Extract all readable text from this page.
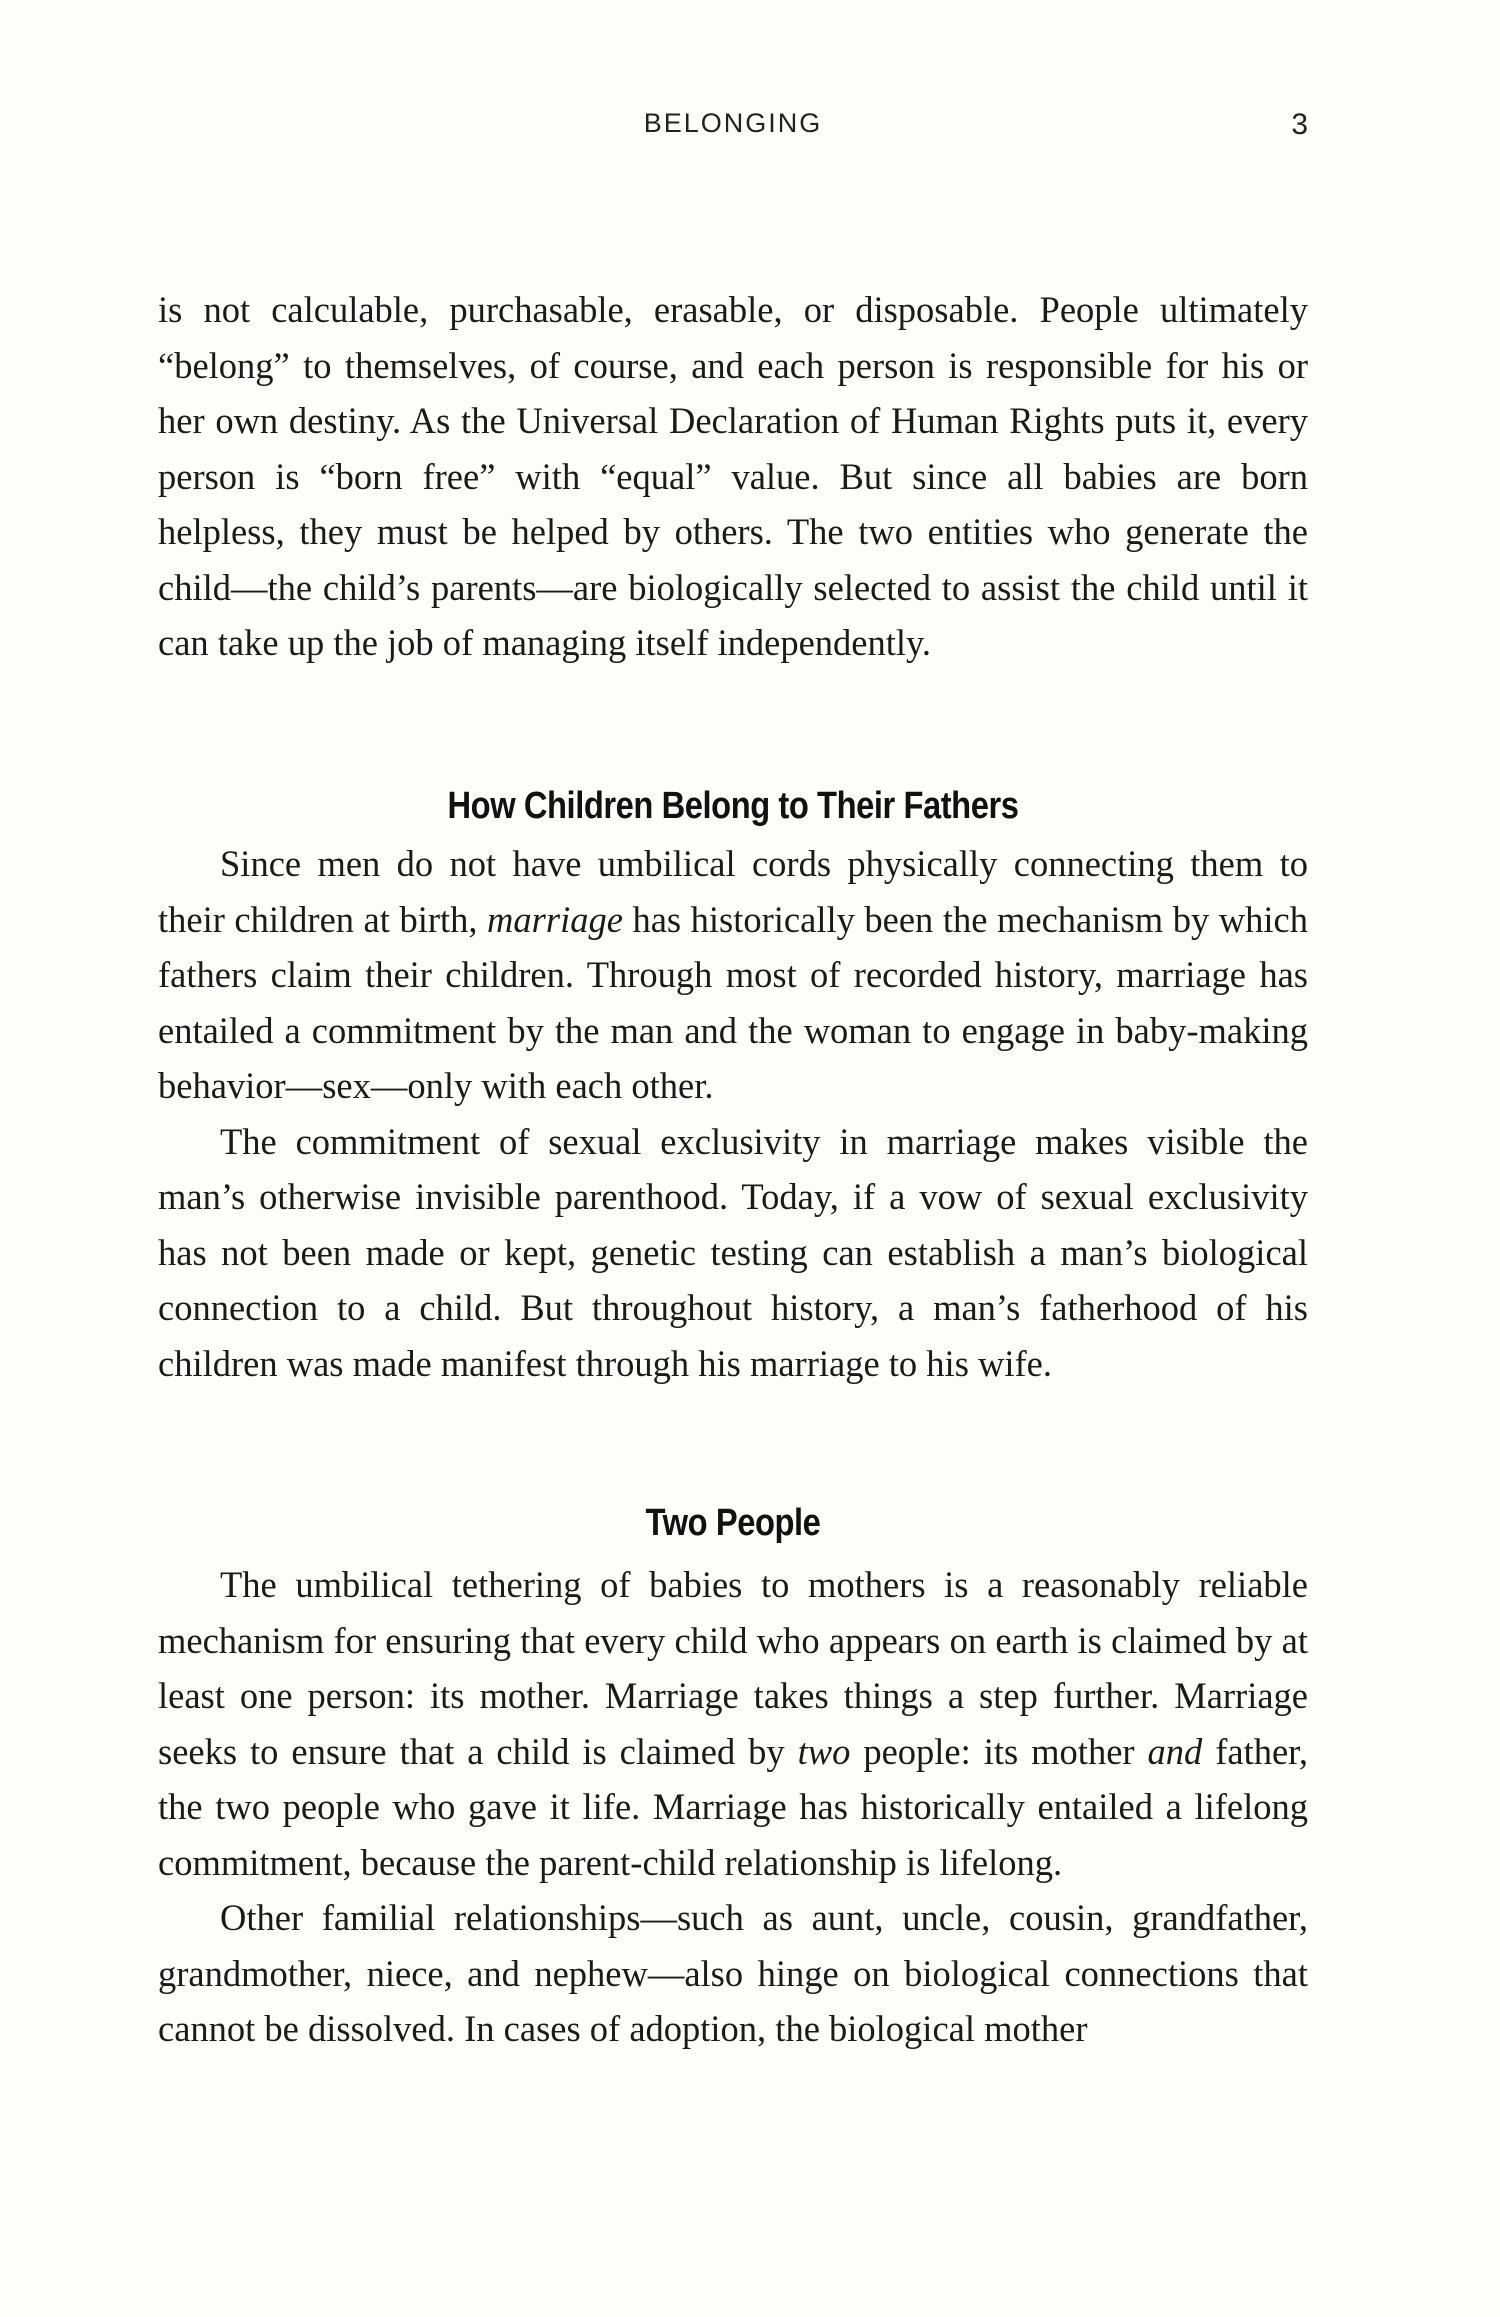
BELONGING	3

is not calculable, purchasable, erasable, or disposable. People ultimately “belong” to themselves, of course, and each person is responsible for his or her own destiny. As the Universal Declaration of Human Rights puts it, every person is “born free” with “equal” value. But since all babies are born helpless, they must be helped by others. The two entities who generate the child—the child’s parents—are biologically selected to assist the child until it can take up the job of managing itself independently.

How Children Belong to Their Fathers

Since men do not have umbilical cords physically connecting them to their children at birth, marriage has historically been the mechanism by which fathers claim their children. Through most of recorded history, marriage has entailed a commitment by the man and the woman to engage in baby-making behavior—sex—only with each other.

The commitment of sexual exclusivity in marriage makes visible the man’s otherwise invisible parenthood. Today, if a vow of sexual exclusivity has not been made or kept, genetic testing can establish a man’s biological connection to a child. But throughout history, a man’s fatherhood of his children was made manifest through his marriage to his wife.

Two People

The umbilical tethering of babies to mothers is a reasonably reliable mechanism for ensuring that every child who appears on earth is claimed by at least one person: its mother. Marriage takes things a step further. Marriage seeks to ensure that a child is claimed by two people: its mother and father, the two people who gave it life. Marriage has historically entailed a lifelong commitment, because the parent-child relationship is lifelong.

Other familial relationships—such as aunt, uncle, cousin, grandfather, grandmother, niece, and nephew—also hinge on biological connections that cannot be dissolved. In cases of adoption, the biological mother
